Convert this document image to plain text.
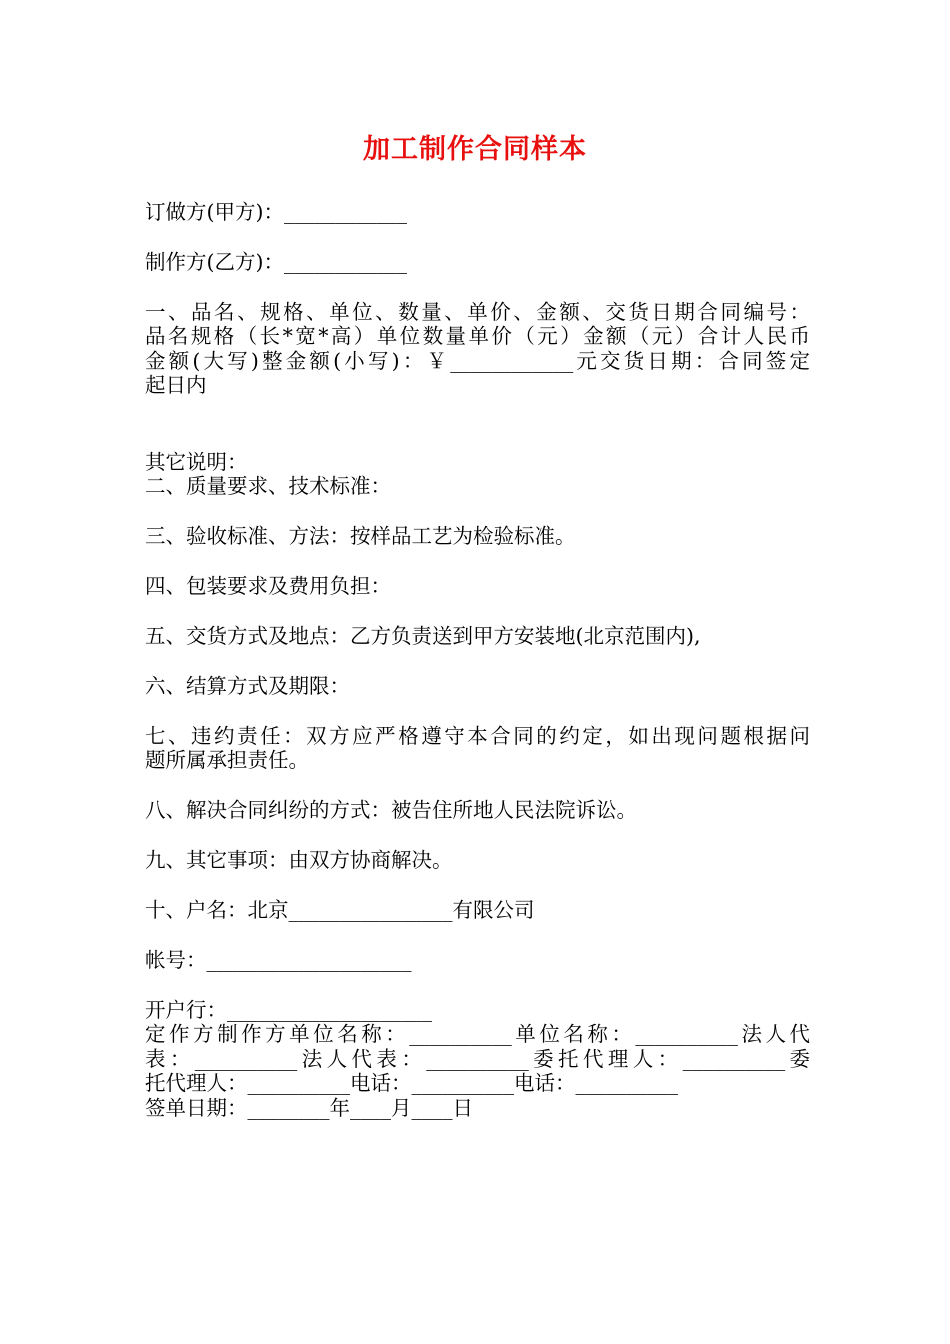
加工制作合同样本
订做方(甲方)：____________
制作方(乙方)：____________
一、品名、规格、单位、数量、单价、金额、交货日期合同编号：
品名规格（长*宽*高）单位数量单价（元）金额（元）合计人民币
金额(大写)整金额(小写)：￥____________元交货日期：合同签定
起日内
其它说明：
二、质量要求、技术标准：
三、验收标准、方法：按样品工艺为检验标准。
四、包装要求及费用负担：
五、交货方式及地点：乙方负责送到甲方安装地(北京范围内),
六、结算方式及期限：
七、违约责任：双方应严格遵守本合同的约定，如出现问题根据问
题所属承担责任。
八、解决合同纠纷的方式：被告住所地人民法院诉讼。
九、其它事项：由双方协商解决。
十、户名：北京________________有限公司
帐号：____________________
开户行：____________________
定作方制作方单位名称：__________单位名称：__________法人代
表：__________法人代表：__________委托代理人：__________委
托代理人：__________电话：__________电话：__________
签单日期：________年____月____日
